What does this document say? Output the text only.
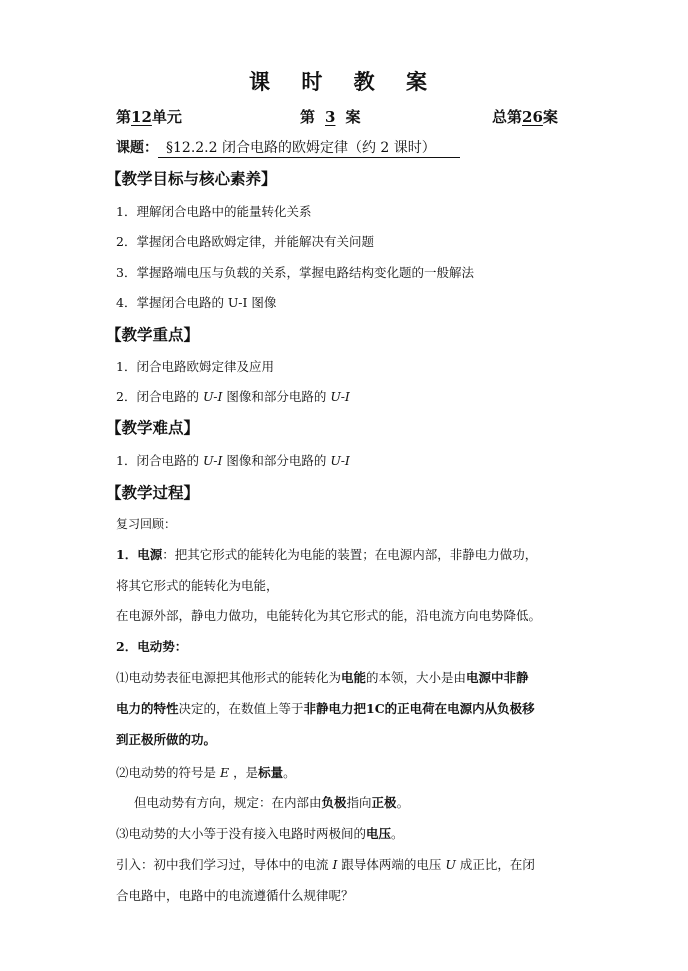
课 时 教 案
第12单元	第 3 案	总第26案
课题： §12.2.2 闭合电路的欧姆定律（约 2 课时）
【教学目标与核心素养】
1．理解闭合电路中的能量转化关系
2．掌握闭合电路欧姆定律，并能解决有关问题
3．掌握路端电压与负载的关系，掌握电路结构变化题的一般解法
4．掌握闭合电路的 U-I 图像
【教学重点】
1．闭合电路欧姆定律及应用
2．闭合电路的 U-I 图像和部分电路的 U-I
【教学难点】
1．闭合电路的 U-I 图像和部分电路的 U-I
【教学过程】
复习回顾：
1．电源：把其它形式的能转化为电能的装置；在电源内部，非静电力做功，
将其它形式的能转化为电能，
在电源外部，静电力做功，电能转化为其它形式的能，沿电流方向电势降低。
2．电动势：
⑴电动势表征电源把其他形式的能转化为电能的本领，大小是由电源中非静
电力的特性决定的，在数值上等于非静电力把1C的正电荷在电源内从负极移
到正极所做的功。
⑵电动势的符号是 E ，是标量。
但电动势有方向，规定：在内部由负极指向正极。
⑶电动势的大小等于没有接入电路时两极间的电压。
引入：初中我们学习过，导体中的电流 I 跟导体两端的电压 U 成正比，在闭
合电路中，电路中的电流遵循什么规律呢？
